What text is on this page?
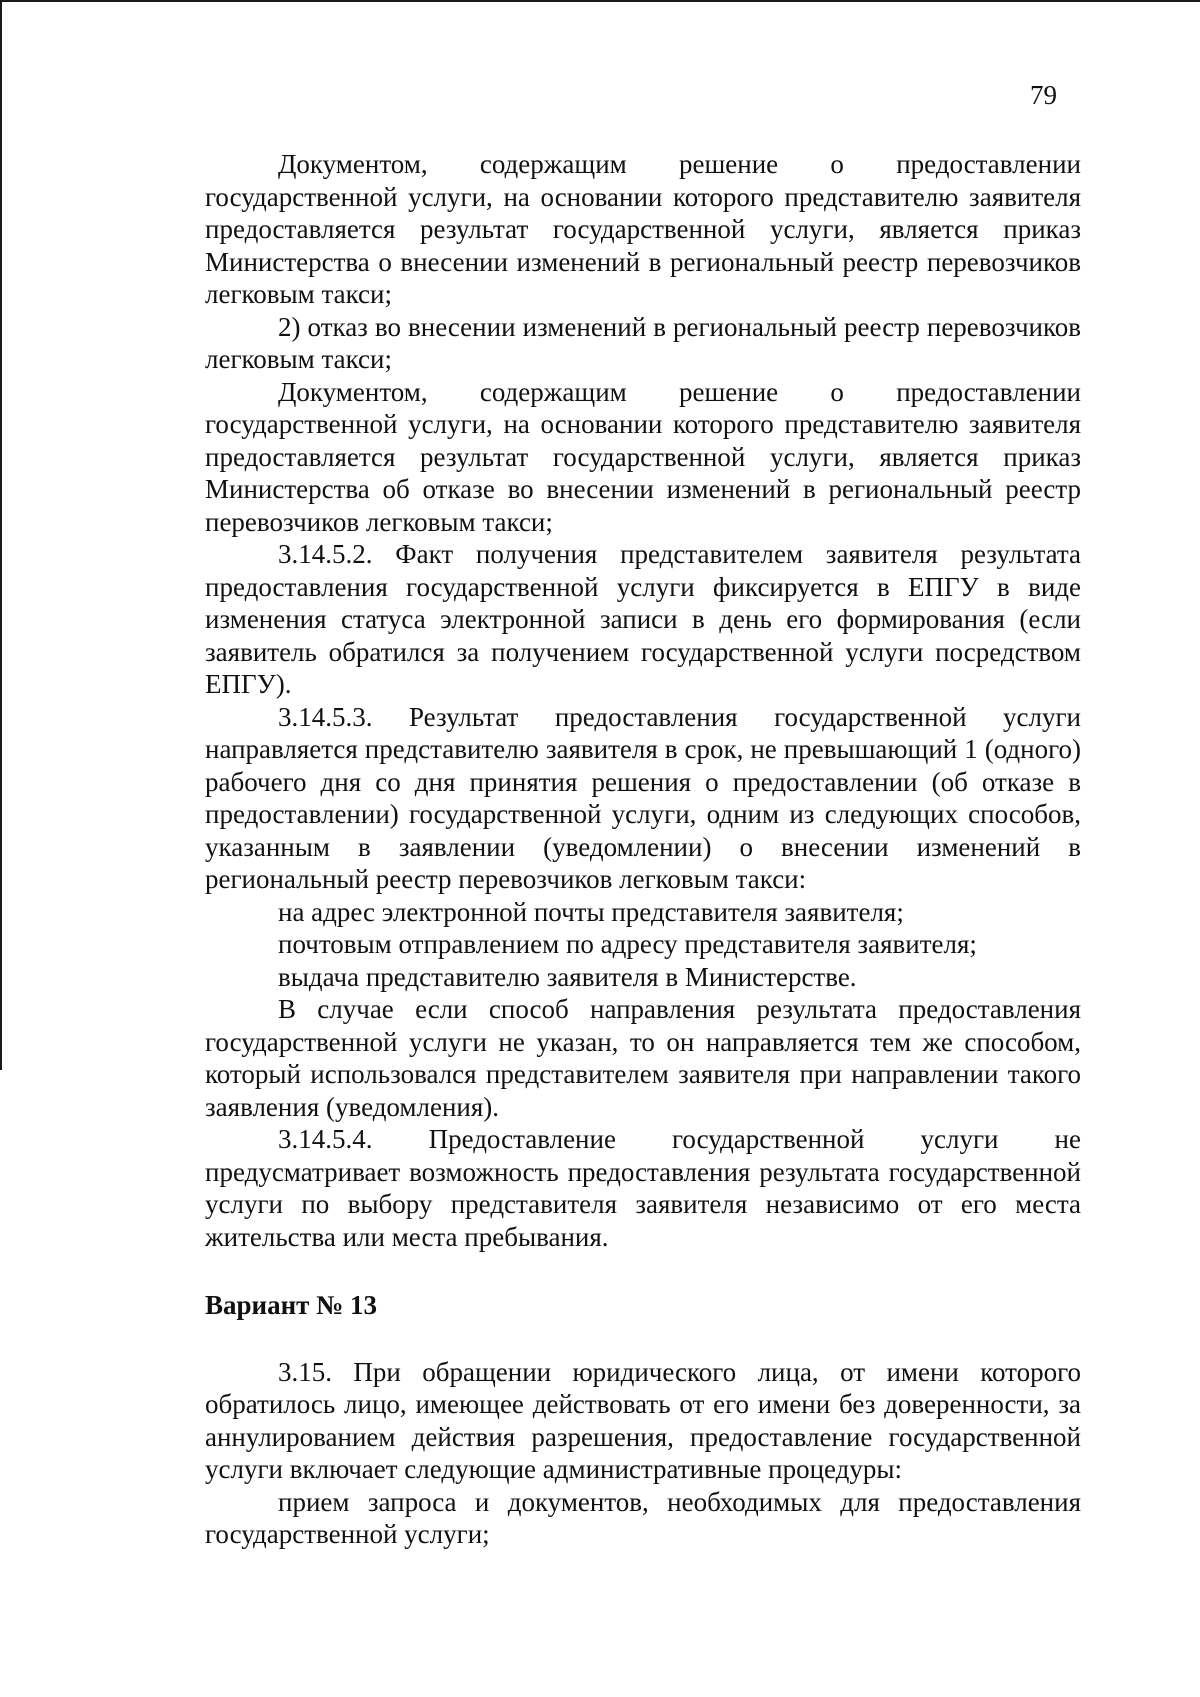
79

Документом, содержащим решение о предоставлении государственной услуги, на основании которого представителю заявителя предоставляется результат государственной услуги, является приказ Министерства о внесении изменений в региональный реестр перевозчиков легковым такси;

2) отказ во внесении изменений в региональный реестр перевозчиков легковым такси;

Документом, содержащим решение о предоставлении государственной услуги, на основании которого представителю заявителя предоставляется результат государственной услуги, является приказ Министерства об отказе во внесении изменений в региональный реестр перевозчиков легковым такси;

3.14.5.2. Факт получения представителем заявителя результата предоставления государственной услуги фиксируется в ЕПГУ в виде изменения статуса электронной записи в день его формирования (если заявитель обратился за получением государственной услуги посредством ЕПГУ).

3.14.5.3. Результат предоставления государственной услуги направляется представителю заявителя в срок, не превышающий 1 (одного) рабочего дня со дня принятия решения о предоставлении (об отказе в предоставлении) государственной услуги, одним из следующих способов, указанным в заявлении (уведомлении) о внесении изменений в региональный реестр перевозчиков легковым такси:

на адрес электронной почты представителя заявителя;

почтовым отправлением по адресу представителя заявителя;

выдача представителю заявителя в Министерстве.

В случае если способ направления результата предоставления государственной услуги не указан, то он направляется тем же способом, который использовался представителем заявителя при направлении такого заявления (уведомления).

3.14.5.4. Предоставление государственной услуги не предусматривает возможность предоставления результата государственной услуги по выбору представителя заявителя независимо от его места жительства или места пребывания.

Вариант № 13

3.15. При обращении юридического лица, от имени которого обратилось лицо, имеющее действовать от его имени без доверенности, за аннулированием действия разрешения, предоставление государственной услуги включает следующие административные процедуры:

прием запроса и документов, необходимых для предоставления государственной услуги;
